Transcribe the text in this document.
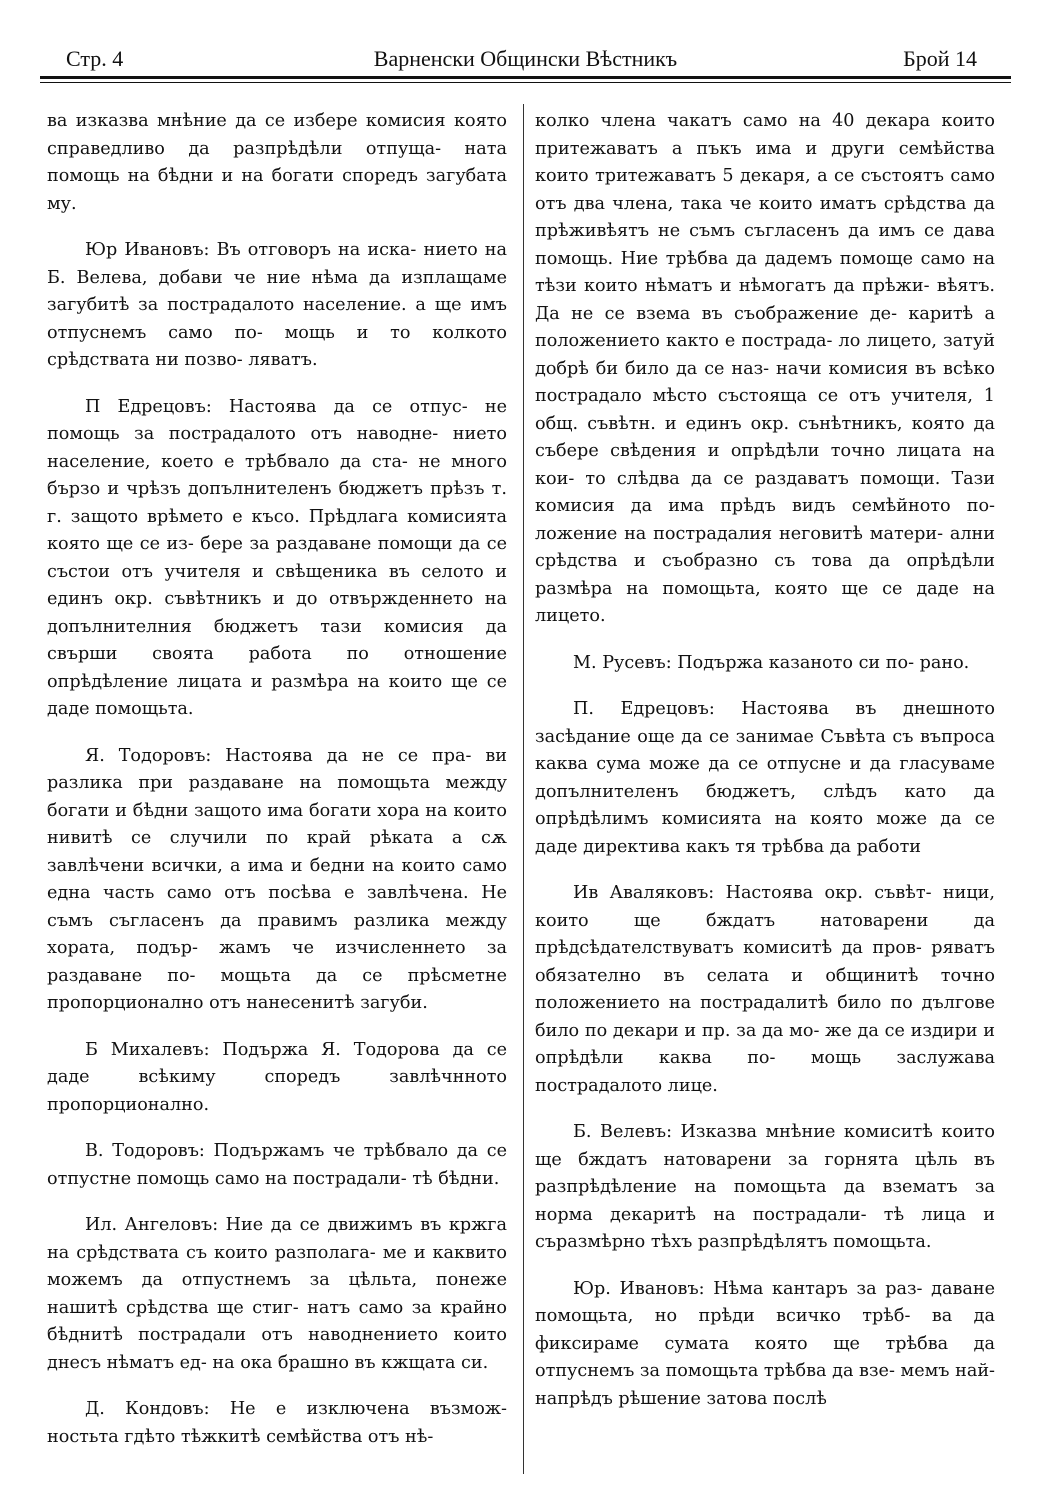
Стр. 4	Варненски Общински Вѣстникъ	Брой 14

ва изказва мнѣние да се избере комисия която справедливо да разпрѣдѣли отпуща- ната помощь на бѣдни и на богати споредъ загубата му.

Юр Ивановъ: Въ отговоръ на иска- нието на Б. Велева, добави че ние нѣма да изплащаме загубитѣ за пострадалото население. а ще имъ отпуснемъ само по- мощь и то колкото срѣдствата ни позво- ляватъ.

П Едрецовъ: Настоява да се отпус- не помощь за пострадалото отъ наводне- нието население, което е трѣбвало да ста- не много бързо и чрѣзъ допълнителенъ бюджетъ прѣзъ т. г. защото врѣмето е късо. Прѣдлага комисията която ще се из- бере за раздаване помощи да се състои отъ учителя и свѣщеника въ селото и единъ окр. съвѣтникъ и до отвържденнето на допълнителния бюджетъ тази комисия да свърши своята работа по отношение опрѣдѣление лицата и размѣра на които ще се даде помощьта.

Я. Тодоровъ: Настоява да не се пра- ви разлика при раздаване на помощьта между богати и бѣдни защото има богати хора на които нивитѣ се случили по край рѣката а сѫ завлѣчени всички, а има и бедни на които само една часть само отъ посѣва е завлѣчена. Не съмъ съгласенъ да правимъ разлика между хората, подър- жамъ че изчисленнето за раздаване по- мощьта да се прѣсметне пропорционално отъ нанесенитѣ загуби.

Б Михалевъ: Подържа Я. Тодорова да се даде всѣкиму споредъ завлѣчнното пропорционално.

В. Тодоровъ: Подържамъ че трѣбвало да се отпустне помощь само на пострадали- тѣ бѣдни.

Ил. Ангеловъ: Ние да се движимъ въ кржга на срѣдствата съ които разполага- ме и каквито можемъ да отпустнемъ за цѣльта, понеже нашитѣ срѣдства ще стиг- натъ само за крайно бѣднитѣ пострадали отъ наводнението които днесъ нѣматъ ед- на ока брашно въ кжщата си.

Д. Кондовъ: Не е изключена възмож- ностьта гдѣто тѣжкитѣ семѣйства отъ нѣ-

колко члена чакатъ само на 40 декара които притежаватъ а пъкъ има и други семѣйства които тритежаватъ 5 декаря, а се състоятъ само отъ два члена, така че които иматъ срѣдства да прѣживѣятъ не съмъ съгласенъ да имъ се дава помощь. Ние трѣбва да дадемъ помоще само на тѣзи които нѣматъ и нѣмогатъ да прѣжи- вѣятъ. Да не се взема въ съображение де- каритѣ а положението както е пострада- ло лицето, затуй добрѣ би било да се наз- начи комисия въ всѣко пострадало мѣсто състояща се отъ учителя, 1 общ. съвѣтн. и единъ окр. сънѣтникъ, която да събере свѣдения и опрѣдѣли точно лицата на кои- то слѣдва да се раздаватъ помощи. Тази комисия да има прѣдъ видъ семѣйното по- ложение на пострадалия неговитѣ матери- ални срѣдства и съобразно съ това да опрѣдѣли размѣра на помощьта, която ще се даде на лицето.

М. Русевъ: Подържа казаното си по- рано.

П. Едрецовъ: Настоява въ днешното засѣдание още да се занимае Съвѣта съ въпроса каква сума може да се отпусне и да гласуваме допълнителенъ бюджетъ, слѣдъ като да опрѣдѣлимъ комисията на която може да се даде директива какъ тя трѣбва да работи

Ив Аваляковъ: Настоява окр. съвѣт- ници, които ще бждатъ натоварени да прѣдсѣдателствуватъ комиситѣ да пров- ряватъ обязателно въ селата и общинитѣ точно положението на пострадалитѣ било по дългове било по декари и пр. за да мо- же да се издири и опрѣдѣли каква по- мощь заслужава пострадалото лице.

Б. Велевъ: Изказва мнѣние комиситѣ които ще бждатъ натоварени за горнята цѣль въ разпрѣдѣление на помощьта да взематъ за норма декаритѣ на пострадали- тѣ лица и съразмѣрно тѣхъ разпрѣдѣлятъ помощьта.

Юр. Ивановъ: Нѣма кантаръ за раз- даване помощьта, но прѣди всичко трѣб- ва да фиксираме сумата която ще трѣбва да отпуснемъ за помощьта трѣбва да взе- мемъ най-напрѣдъ рѣшение затова послѣ
